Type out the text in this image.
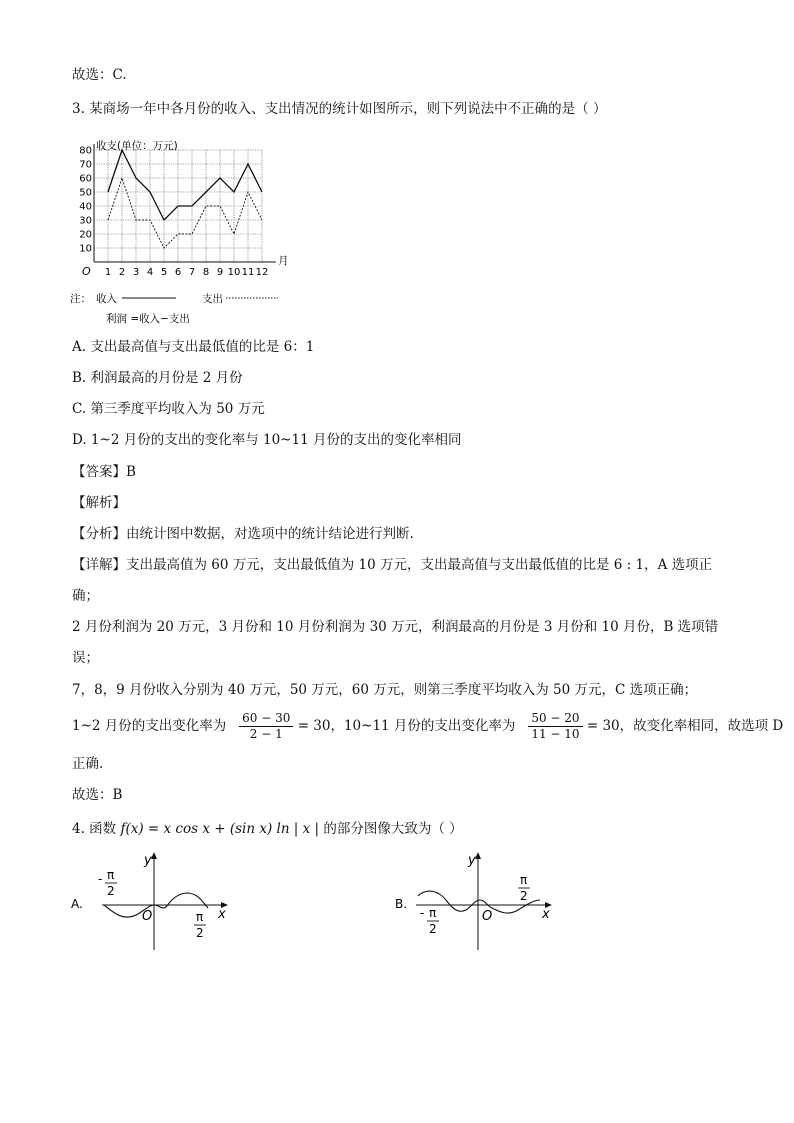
故选：C.
3. 某商场一年中各月份的收入、支出情况的统计如图所示，则下列说法中不正确的是（ ）
10
20
30
40
50
60
70
80
1 2 3 4 5 6 7 8 9 10 11 12
O
月
收支(单位：万元)
注： 收入	支出
利润 =收入−支出
A. 支出最高值与支出最低值的比是 6：1
B. 利润最高的月份是 2 月份
C. 第三季度平均收入为 50 万元
D. 1~2 月份的支出的变化率与 10~11 月份的支出的变化率相同
【答案】B
【解析】
【分析】由统计图中数据，对选项中的统计结论进行判断.
【详解】支出最高值为 60 万元，支出最低值为 10 万元，支出最高值与支出最低值的比是 6 : 1，A 选项正
确；
2 月份利润为 20 万元，3 月份和 10 月份利润为 30 万元，利润最高的月份是 3 月份和 10 月份，B 选项错
误；
7，8，9 月份收入分别为 40 万元，50 万元，60 万元，则第三季度平均收入为 50 万元，C 选项正确；
1~2 月份的支出变化率为 $\frac{60 - 30}{2 - 1} = 30$，10~11 月份的支出变化率为 $\frac{50 - 20}{11 - 10} = 30$，故变化率相同，故选项 D
正确.
故选：B
4. 函数 f(x) = x cos x + (sin x) ln | x | 的部分图像大致为（ ）
A.
y
x
O
- π
2
π
2
B.
y
x
O
- π
2
π
2
